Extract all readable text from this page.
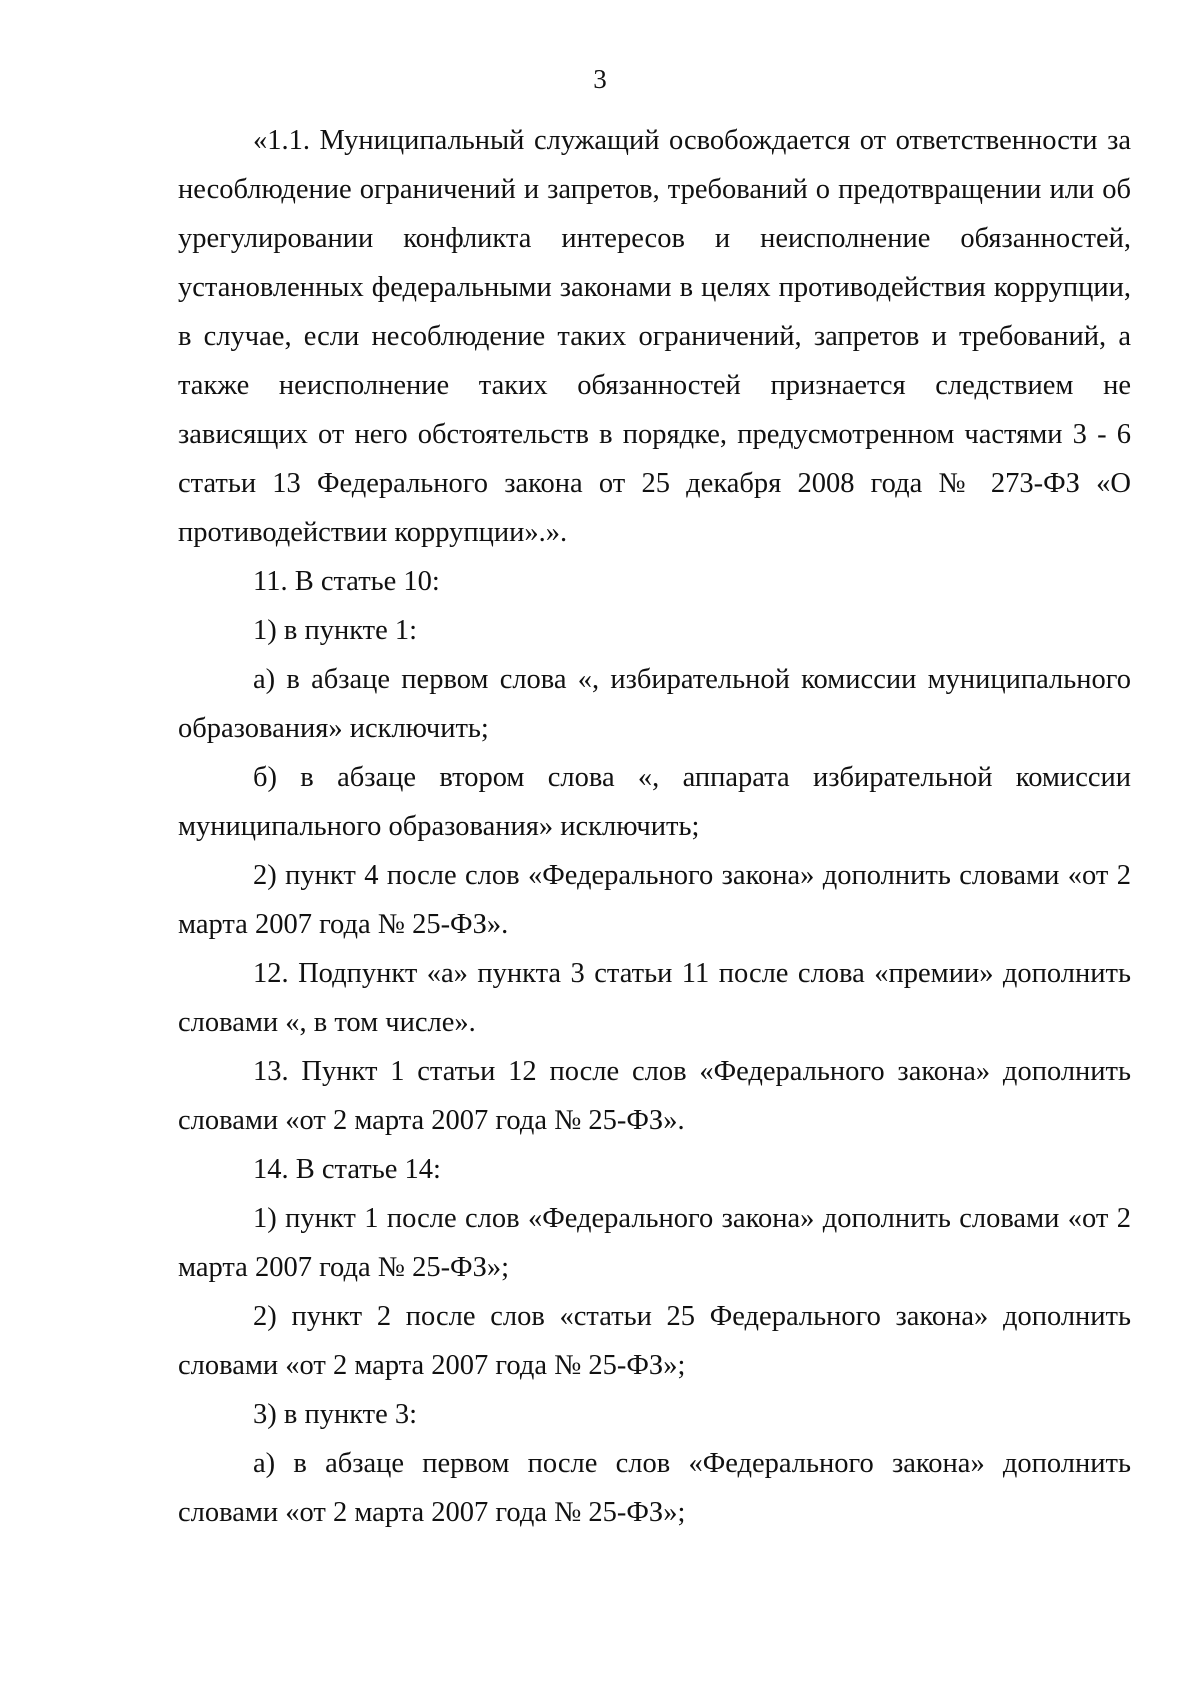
3

«1.1. Муниципальный служащий освобождается от ответственности за несоблюдение ограничений и запретов, требований о предотвращении или об урегулировании конфликта интересов и неисполнение обязанностей, установленных федеральными законами в целях противодействия коррупции, в случае, если несоблюдение таких ограничений, запретов и требований, а также неисполнение таких обязанностей признается следствием не зависящих от него обстоятельств в порядке, предусмотренном частями 3 - 6 статьи 13 Федерального закона от 25 декабря 2008 года № 273-ФЗ «О противодействии коррупции».».

11. В статье 10:

1) в пункте 1:

а) в абзаце первом слова «, избирательной комиссии муниципального образования» исключить;

б) в абзаце втором слова «, аппарата избирательной комиссии муниципального образования» исключить;

2) пункт 4 после слов «Федерального закона» дополнить словами «от 2 марта 2007 года № 25-ФЗ».

12. Подпункт «а» пункта 3 статьи 11 после слова «премии» дополнить словами «, в том числе».

13. Пункт 1 статьи 12 после слов «Федерального закона» дополнить словами «от 2 марта 2007 года № 25-ФЗ».

14. В статье 14:

1) пункт 1 после слов «Федерального закона» дополнить словами «от 2 марта 2007 года № 25-ФЗ»;

2) пункт 2 после слов «статьи 25 Федерального закона» дополнить словами «от 2 марта 2007 года № 25-ФЗ»;

3) в пункте 3:

а) в абзаце первом после слов «Федерального закона» дополнить словами «от 2 марта 2007 года № 25-ФЗ»;
